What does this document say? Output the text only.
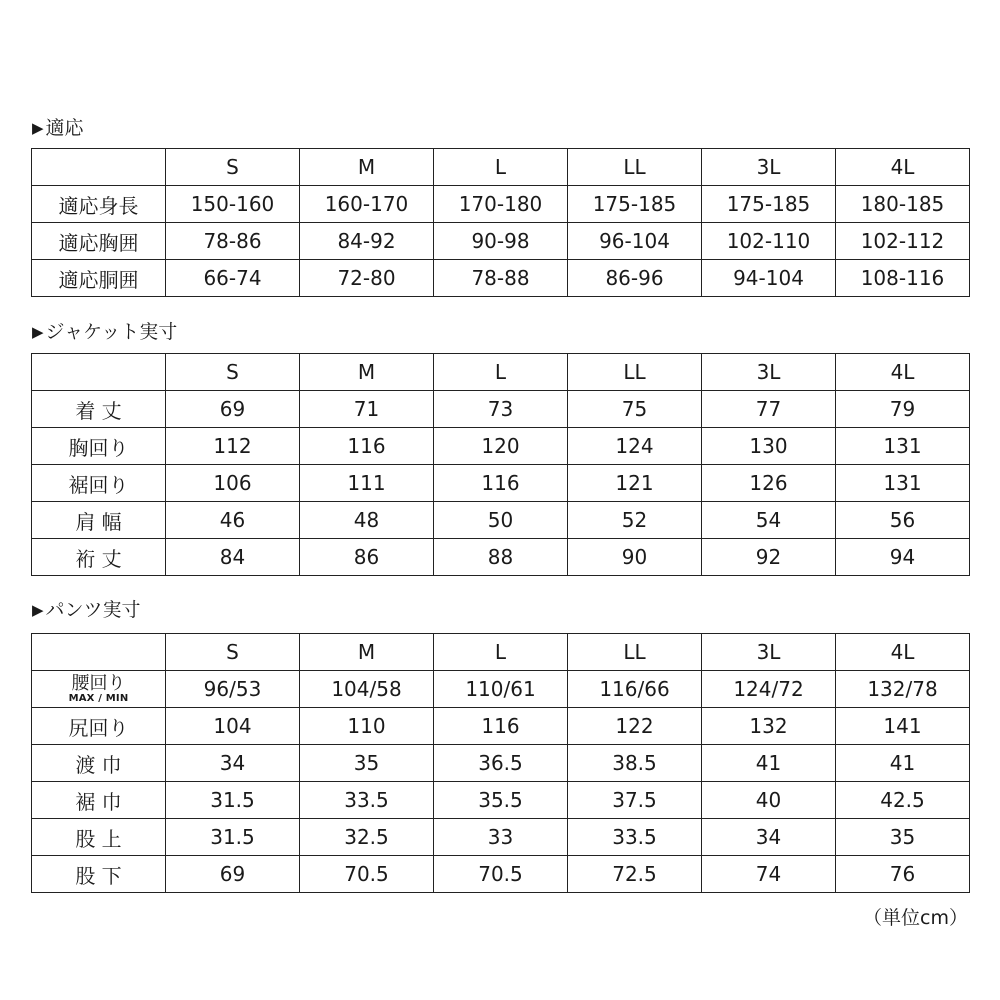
▶ 適応
	S	M	L	LL	3L	4L
適応身長	150-160	160-170	170-180	175-185	175-185	180-185
適応胸囲	78-86	84-92	90-98	96-104	102-110	102-112
適応胴囲	66-74	72-80	78-88	86-96	94-104	108-116
▶ ジャケット実寸
	S	M	L	LL	3L	4L
着 丈	69	71	73	75	77	79
胸回り	112	116	120	124	130	131
裾回り	106	111	116	121	126	131
肩 幅	46	48	50	52	54	56
裄 丈	84	86	88	90	92	94
▶ パンツ実寸
	S	M	L	LL	3L	4L

腰回り
MAX / MIN	96/53	104/58	110/61	116/66	124/72	132/78
尻回り	104	110	116	122	132	141
渡 巾	34	35	36.5	38.5	41	41
裾 巾	31.5	33.5	35.5	37.5	40	42.5
股 上	31.5	32.5	33	33.5	34	35
股 下	69	70.5	70.5	72.5	74	76
（単位cm）
